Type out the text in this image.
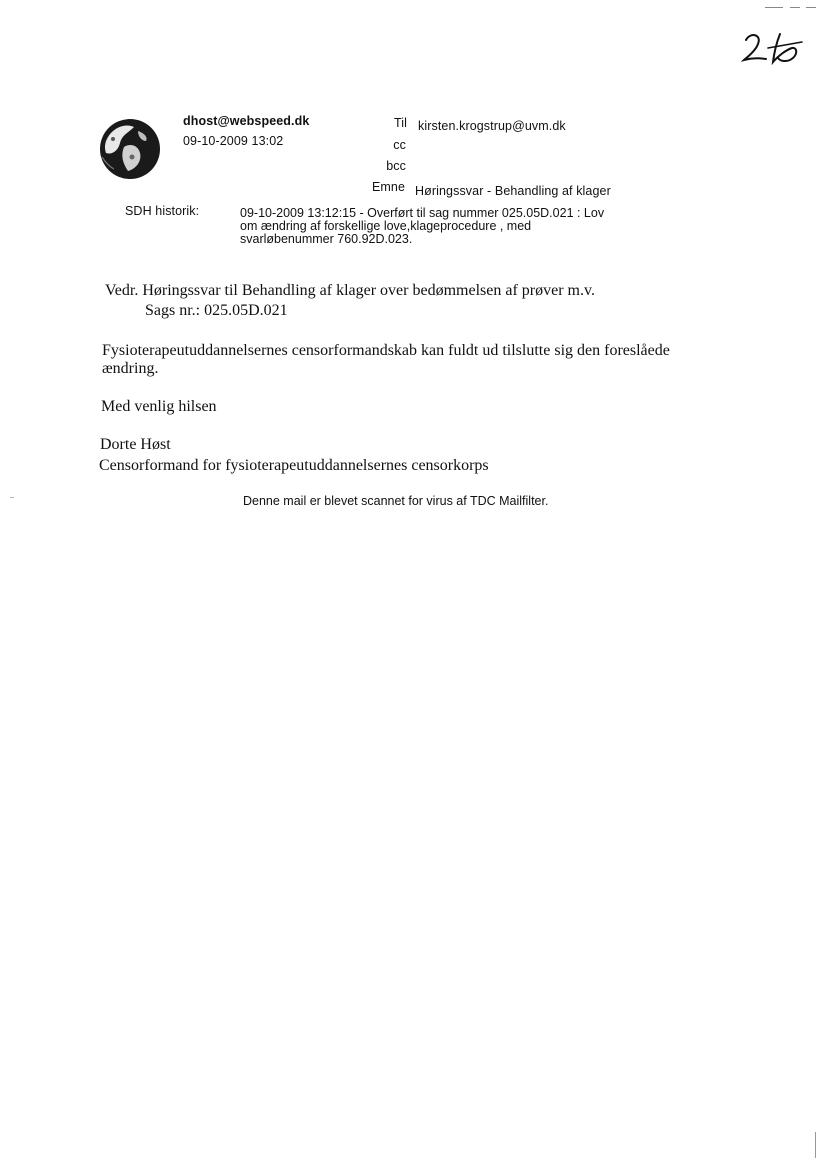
dhost@webspeed.dk
09-10-2009 13:02
Til kirsten.krogstrup@uvm.dk
cc
bcc
Emne Høringssvar - Behandling af klager
SDH historik:	09-10-2009 13:12:15 - Overført til sag nummer 025.05D.021 : Lov om ændring af forskellige love,klageprocedure , med svarløbenummer 760.92D.023.
Vedr. Høringssvar til Behandling af klager over bedømmelsen af prøver m.v.
Sags nr.: 025.05D.021
Fysioterapeutuddannelsernes censorformandskab kan fuldt ud tilslutte sig den foreslåede
ændring.
Med venlig hilsen
Dorte Høst
Censorformand for fysioterapeutuddannelsernes censorkorps
Denne mail er blevet scannet for virus af TDC Mailfilter.
